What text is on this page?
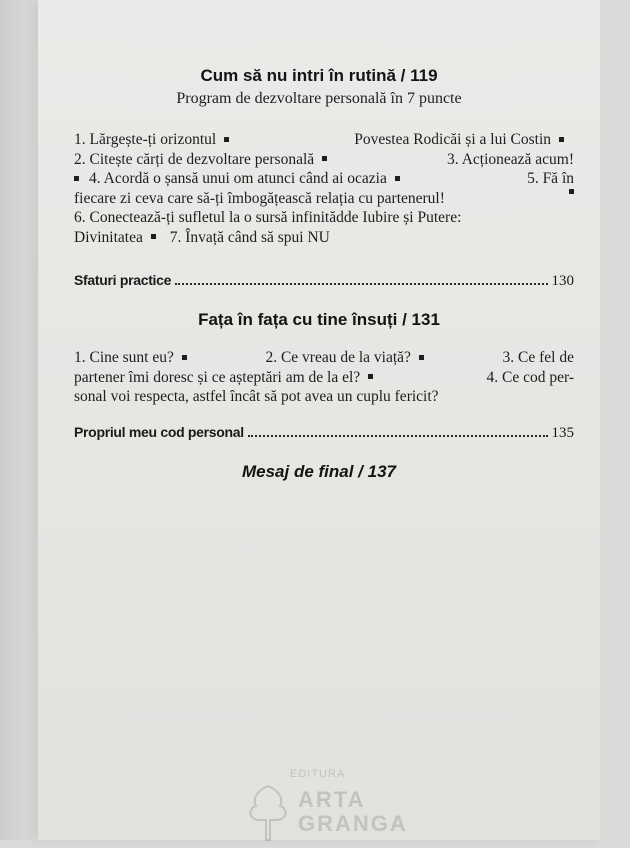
Cum să nu intri în rutină / 119
Program de dezvoltare personală în 7 puncte
1. Lărgește-ți orizontul	Povestea Rodicăi și a lui Costin
2. Citește cărți de dezvoltare personală	3. Acționează acum!
4. Acordă o șansă unui om atunci când ai ocazia	5. Fă în
fiecare zi ceva care să-ți îmbogățească relația cu partenerul!
6. Conectează-ți sufletul la o sursă infinitădde Iubire și Putere:
Divinitatea 7. Învață când să spui NU
Sfaturi practice	130
Fața în fața cu tine însuți / 131
1. Cine sunt eu?	2. Ce vreau de la viață?	3. Ce fel de
partener îmi doresc și ce așteptări am de la el?	4. Ce cod per-
sonal voi respecta, astfel încât să pot avea un cuplu fericit?
Propriul meu cod personal	135
Mesaj de final / 137
EDITURA
ARTA
GRANGA
